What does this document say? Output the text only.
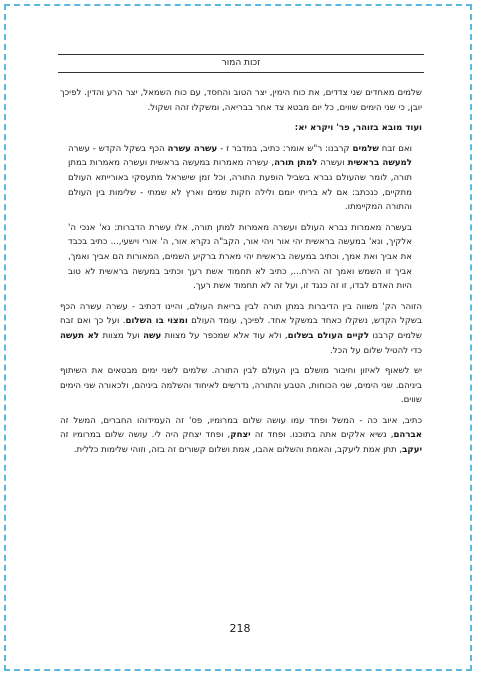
זכות המור

שלמים מאחדים שני צדדים, את כוח הימין, יצר הטוב והחסד, עם כוח השמאל, יצר הרע והדין. לפיכך יובן, כי שני הימים שווים, כל יום מבטא צד אחר בבריאה, ומשקלו זהה ושקול.

ועוד מובא בזוהר, פר' ויקרא יא:

ואם זבח שלמים קרבנו: ר"ש אומר: כתיב, במדבר ז - עשרה עשרה הכף בשקל הקדש - עשרה למעשה בראשית ועשרה למתן תורה, עשרה מאמרות במעשה בראשית ועשרה מאמרות במתן תורה, לומר שהעולם נברא בשביל הופעת התורה, וכל זמן שישראל מתעסקי באורייתא העולם מתקיים, כנכתב: אם לא בריתי יומם ולילה חקות שמים וארץ לא שמתי - שלימות בין העולם והתורה המקיימתו.

בעשרה מאמרות נברא העולם ועשרה מאמרות למתן תורה, אלו עשרת הדברות: נא' אנכי ה' אלקיך, ונא' במעשה בראשית יהי אור ויהי אור, הקב"ה נקרא אור, ה' אורי וישעי,... כתיב בכבד את אביך ואת אמך, וכתיב במעשה בראשית יהי מארת ברקיע השמים, המאורות הם אביך ואמך, אביך זו השמש ואמך זה הירח..., כתיב לא תחמוד אשת רעך וכתיב במעשה בראשית לא טוב היות האדם לבדו, זו זה כנגד זו, ועל זה לא תחמוד אשת רעך.

הזוהר הק' משווה בין הדיברות במתן תורה לבין בריאת העולם, והיינו דכתיב - עשרה עשרה הכף בשקל הקדש, נשקלו כאחד במשקל אחד. לפיכך, עומד העולם ומצוי בו השלום. ועל כך ואם זבח שלמים קרבנו לקיים העולם בשלום, ולא עוד אלא שמכפר על מצוות עשה ועל מצוות לא תעשה כדי להטיל שלום על הכל.

יש לשאוף לאיזון וחיבור מושלם בין העולם לבין התורה. שלמים לשני ימים מבטאים את השיתוף ביניהם. שני הימים, שני הכוחות, הטבע והתורה, נדרשים לאיחוד והשלמה ביניהם, ולכאורה שני הימים שווים.

כתיב, איוב כה - המשל ופחד עמו עושה שלום במרומיו, פס' זה העמידוהו החברים, המשל זה אברהם, נשיא אלקים אתה בתוכנו. ופחד זה יצחק, ופחד יצחק היה לי. עושה שלום במרומיו זה יעקב, תתן אמת ליעקב, והאמת והשלום אהבו, אמת ושלום קשורים זה בזה, וזוהי שלימות כללית.

218
